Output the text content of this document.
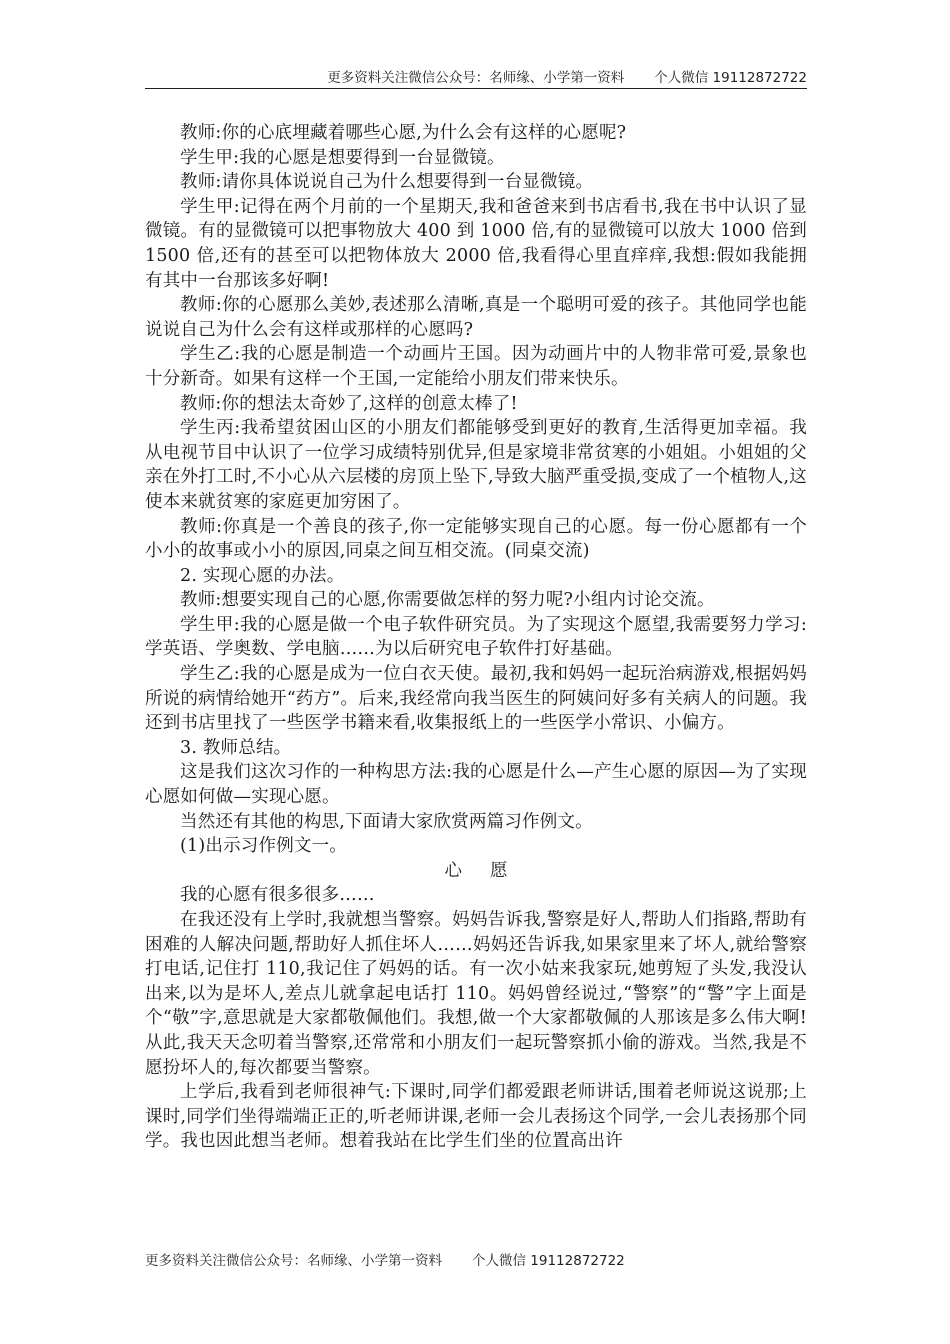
更多资料关注微信公众号：名师缘、小学第一资料 个人微信 19112872722

教师:你的心底埋藏着哪些心愿,为什么会有这样的心愿呢?

学生甲:我的心愿是想要得到一台显微镜。

教师:请你具体说说自己为什么想要得到一台显微镜。

学生甲:记得在两个月前的一个星期天,我和爸爸来到书店看书,我在书中认识了显微镜。有的显微镜可以把事物放大 400 到 1000 倍,有的显微镜可以放大 1000 倍到 1500 倍,还有的甚至可以把物体放大 2000 倍,我看得心里直痒痒,我想:假如我能拥有其中一台那该多好啊!

教师:你的心愿那么美妙,表述那么清晰,真是一个聪明可爱的孩子。其他同学也能说说自己为什么会有这样或那样的心愿吗?

学生乙:我的心愿是制造一个动画片王国。因为动画片中的人物非常可爱,景象也十分新奇。如果有这样一个王国,一定能给小朋友们带来快乐。

教师:你的想法太奇妙了,这样的创意太棒了!

学生丙:我希望贫困山区的小朋友们都能够受到更好的教育,生活得更加幸福。我从电视节目中认识了一位学习成绩特别优异,但是家境非常贫寒的小姐姐。小姐姐的父亲在外打工时,不小心从六层楼的房顶上坠下,导致大脑严重受损,变成了一个植物人,这使本来就贫寒的家庭更加穷困了。

教师:你真是一个善良的孩子,你一定能够实现自己的心愿。每一份心愿都有一个小小的故事或小小的原因,同桌之间互相交流。(同桌交流)

2. 实现心愿的办法。

教师:想要实现自己的心愿,你需要做怎样的努力呢?小组内讨论交流。

学生甲:我的心愿是做一个电子软件研究员。为了实现这个愿望,我需要努力学习:学英语、学奥数、学电脑……为以后研究电子软件打好基础。

学生乙:我的心愿是成为一位白衣天使。最初,我和妈妈一起玩治病游戏,根据妈妈所说的病情给她开“药方”。后来,我经常向我当医生的阿姨问好多有关病人的问题。我还到书店里找了一些医学书籍来看,收集报纸上的一些医学小常识、小偏方。

3. 教师总结。

这是我们这次习作的一种构思方法:我的心愿是什么—产生心愿的原因—为了实现心愿如何做—实现心愿。

当然还有其他的构思,下面请大家欣赏两篇习作例文。

(1)出示习作例文一。

心愿

我的心愿有很多很多……

在我还没有上学时,我就想当警察。妈妈告诉我,警察是好人,帮助人们指路,帮助有困难的人解决问题,帮助好人抓住坏人……妈妈还告诉我,如果家里来了坏人,就给警察打电话,记住打 110,我记住了妈妈的话。有一次小姑来我家玩,她剪短了头发,我没认出来,以为是坏人,差点儿就拿起电话打 110。妈妈曾经说过,“警察”的“警”字上面是个“敬”字,意思就是大家都敬佩他们。我想,做一个大家都敬佩的人那该是多么伟大啊!从此,我天天念叨着当警察,还常常和小朋友们一起玩警察抓小偷的游戏。当然,我是不愿扮坏人的,每次都要当警察。

上学后,我看到老师很神气:下课时,同学们都爱跟老师讲话,围着老师说这说那;上课时,同学们坐得端端正正的,听老师讲课,老师一会儿表扬这个同学,一会儿表扬那个同学。我也因此想当老师。想着我站在比学生们坐的位置高出许

更多资料关注微信公众号：名师缘、小学第一资料 个人微信 19112872722
